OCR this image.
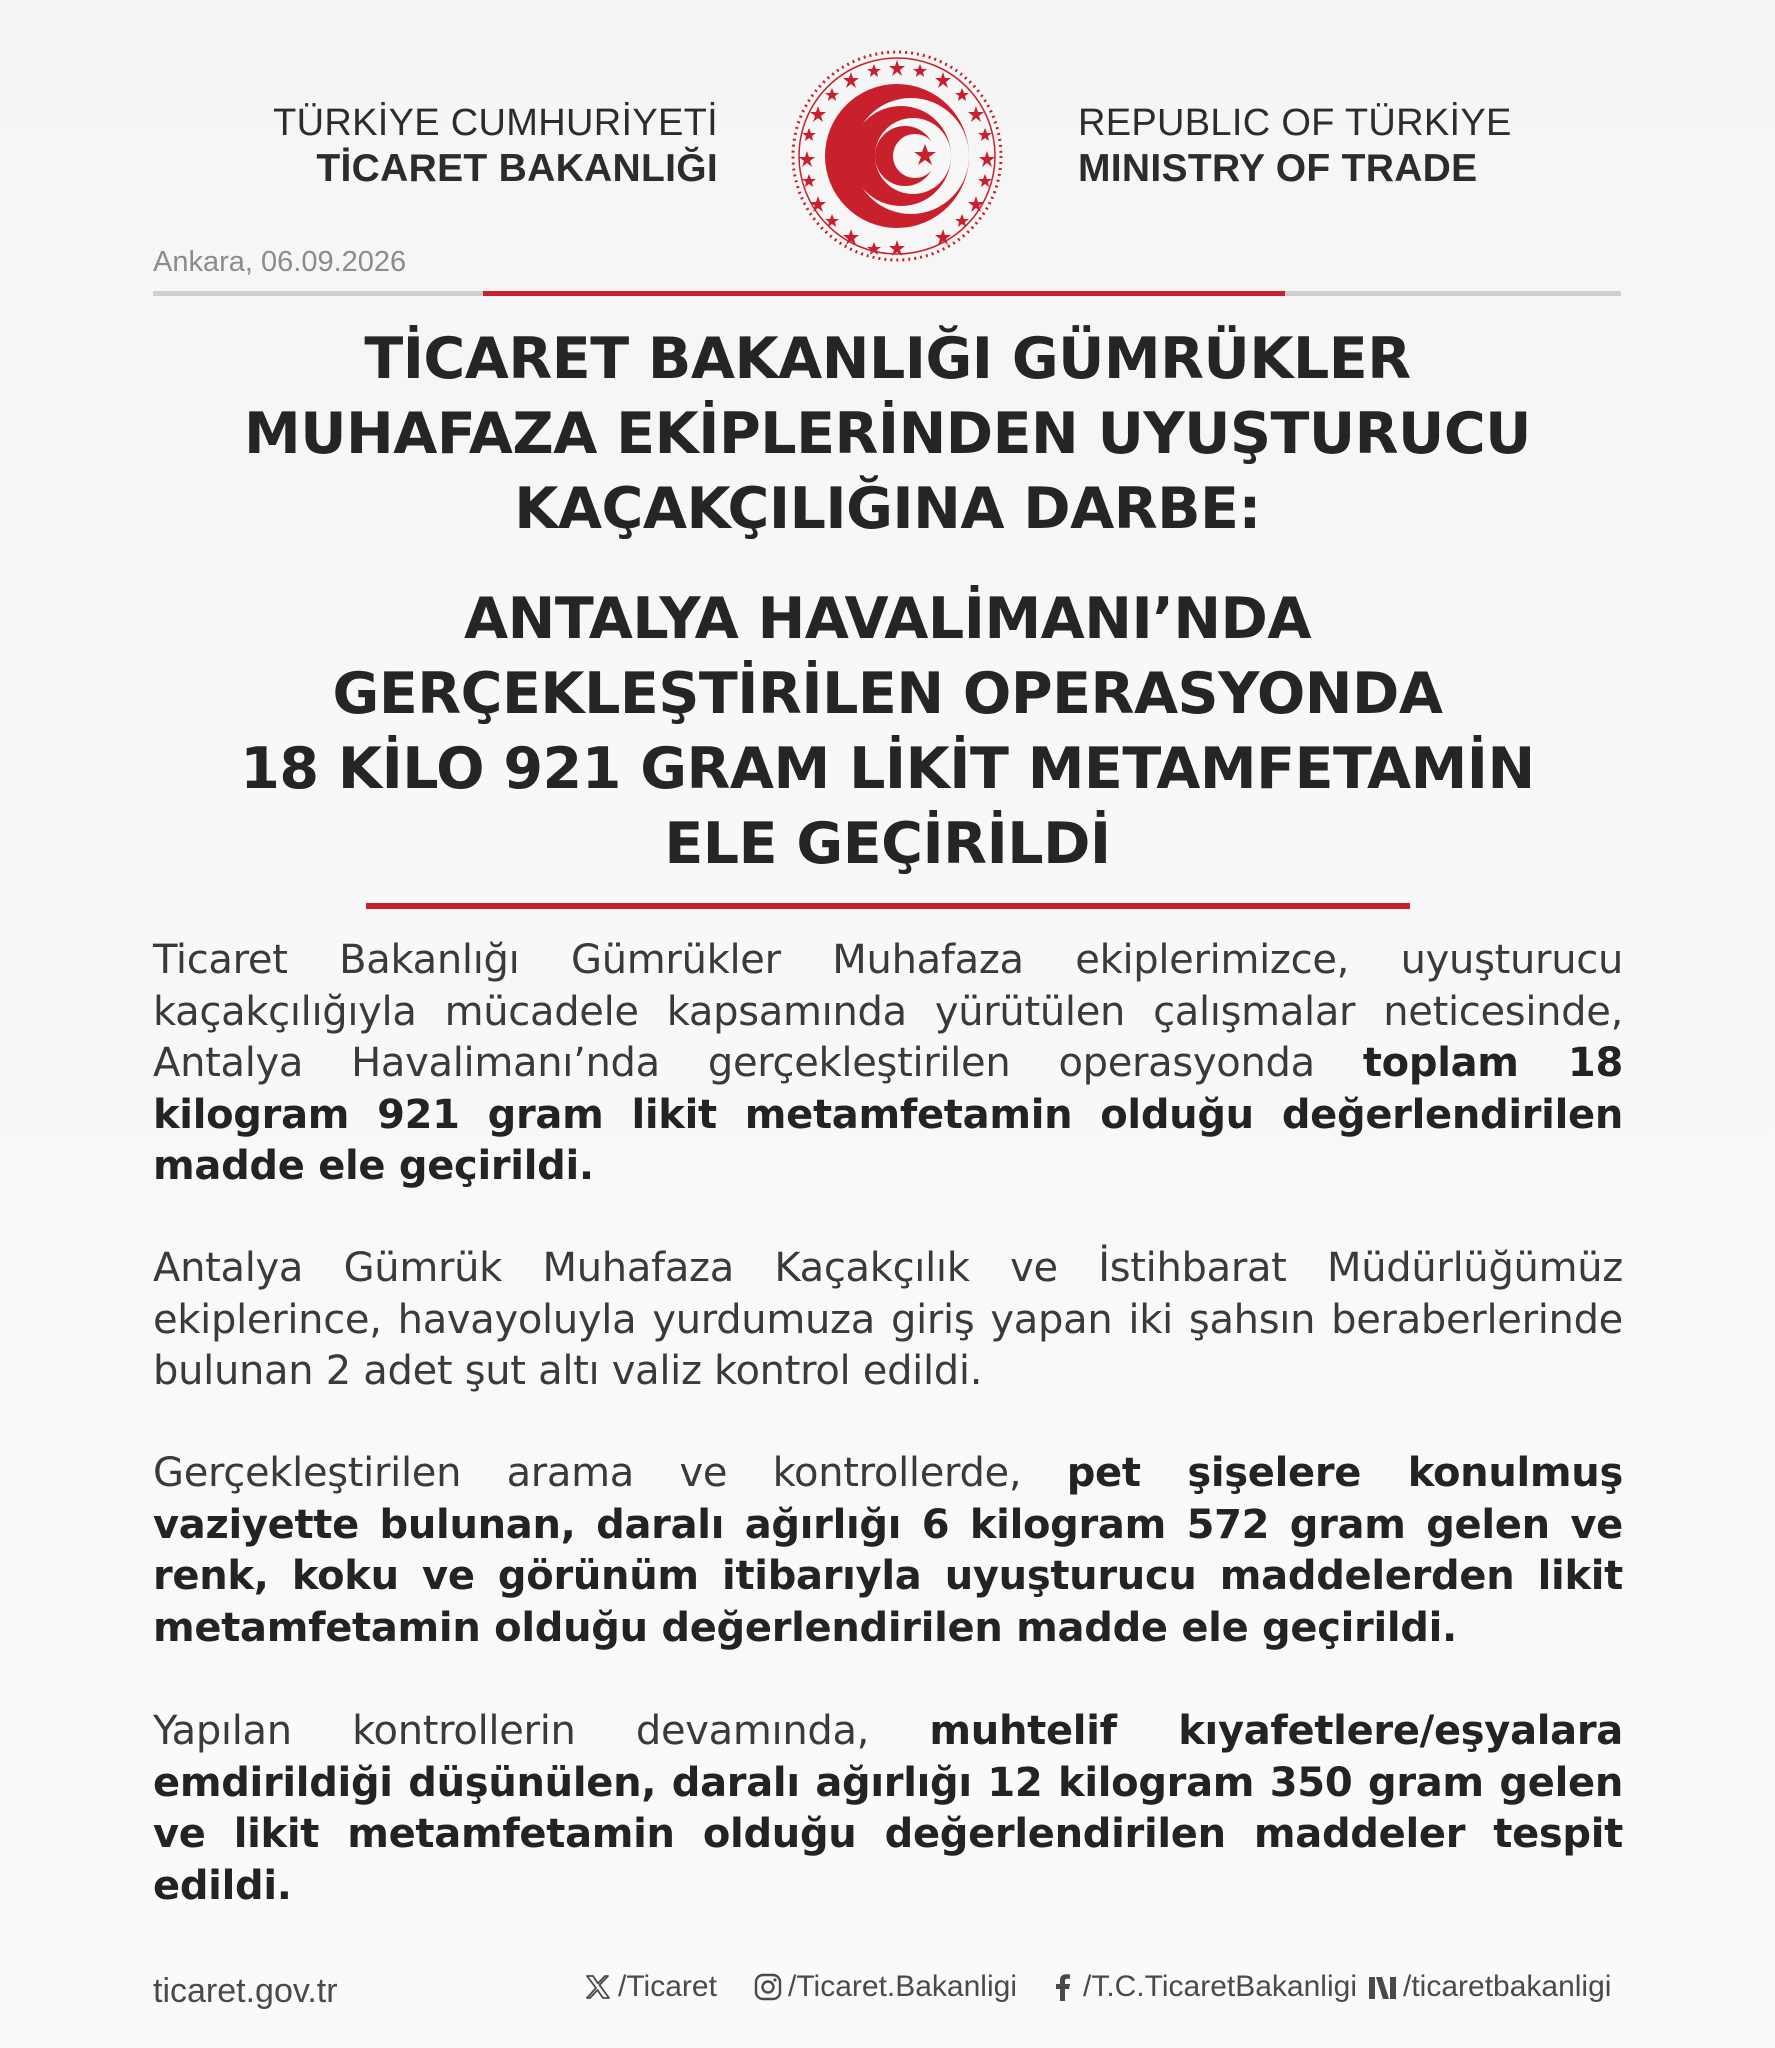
TÜRKİYE CUMHURİYETİ
TİCARET BAKANLIĞI
REPUBLIC OF TÜRKİYE
MINISTRY OF TRADE
Ankara, 06.09.2026
TİCARET BAKANLIĞI GÜMRÜKLER
MUHAFAZA EKİPLERİNDEN UYUŞTURUCU
KAÇAKÇILIĞINA DARBE:
ANTALYA HAVALİMANI’NDA
GERÇEKLEŞTİRİLEN OPERASYONDA
18 KİLO 921 GRAM LİKİT METAMFETAMİN
ELE GEÇİRİLDİ
Ticaret Bakanlığı Gümrükler Muhafaza ekiplerimizce, uyuşturucu kaçakçılığıyla mücadele kapsamında yürütülen çalışmalar neticesinde, Antalya Havalimanı’nda gerçekleştirilen operasyonda toplam 18 kilogram 921 gram likit metamfetamin olduğu değerlendirilen madde ele geçirildi.
Antalya Gümrük Muhafaza Kaçakçılık ve İstihbarat Müdürlüğümüz ekiplerince, havayoluyla yurdumuza giriş yapan iki şahsın beraberlerinde bulunan 2 adet şut altı valiz kontrol edildi.
Gerçekleştirilen arama ve kontrollerde, pet şişelere konulmuş vaziyette bulunan, daralı ağırlığı 6 kilogram 572 gram gelen ve renk, koku ve görünüm itibarıyla uyuşturucu maddelerden likit metamfetamin olduğu değerlendirilen madde ele geçirildi.
Yapılan kontrollerin devamında, muhtelif kıyafetlere/eşyalara emdirildiği düşünülen, daralı ağırlığı 12 kilogram 350 gram gelen ve likit metamfetamin olduğu değerlendirilen maddeler tespit edildi.
ticaret.gov.tr	/Ticaret /Ticaret.Bakanligi /T.C.TicaretBakanligi /ticaretbakanligi
